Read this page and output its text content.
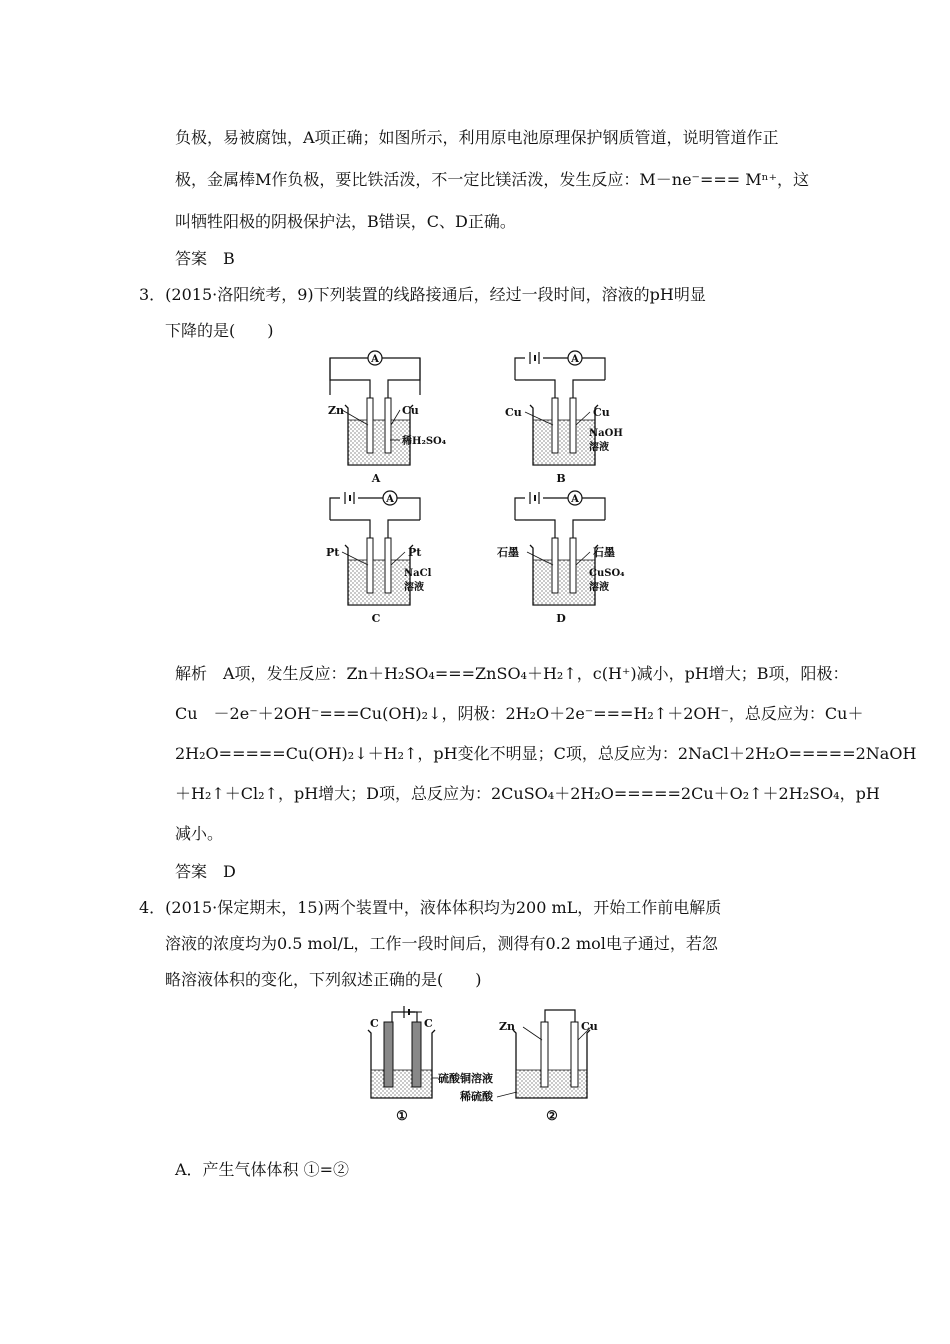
负极，易被腐蚀，A项正确；如图所示，利用原电池原理保护钢质管道，说明管道作正
极，金属棒M作负极，要比铁活泼，不一定比镁活泼，发生反应：M－ne⁻=== Mⁿ⁺，这
叫牺牲阳极的阴极保护法，B错误，C、D正确。
答案　B
3．(2015·洛阳统考，9)下列装置的线路接通后，经过一段时间，溶液的pH明显
下降的是(　　)
A
Zn	Cu
稀H₂SO₄
A
A
Cu	Cu
NaOH
溶液
B
A
Pt	Pt
NaCl
溶液
C
A
石墨	石墨
CuSO₄
溶液
D
解析　A项，发生反应：Zn＋H₂SO₄===ZnSO₄＋H₂↑，c(H⁺)减小，pH增大；B项，阳极：
Cu　－2e⁻＋2OH⁻===Cu(OH)₂↓，阴极：2H₂O＋2e⁻===H₂↑＋2OH⁻，总反应为：Cu＋
2H₂O=====Cu(OH)₂↓＋H₂↑，pH变化不明显；C项，总反应为：2NaCl＋2H₂O=====2NaOH
＋H₂↑＋Cl₂↑，pH增大；D项，总反应为：2CuSO₄＋2H₂O=====2Cu＋O₂↑＋2H₂SO₄，pH
减小。
答案　D
4．(2015·保定期末，15)两个装置中，液体体积均为200 mL，开始工作前电解质
溶液的浓度均为0.5 mol/L，工作一段时间后，测得有0.2 mol电子通过，若忽
略溶液体积的变化，下列叙述正确的是(　　)
C	C
硫酸铜溶液
①
Zn	Cu
②
稀硫酸
A．产生气体体积 ①=②
